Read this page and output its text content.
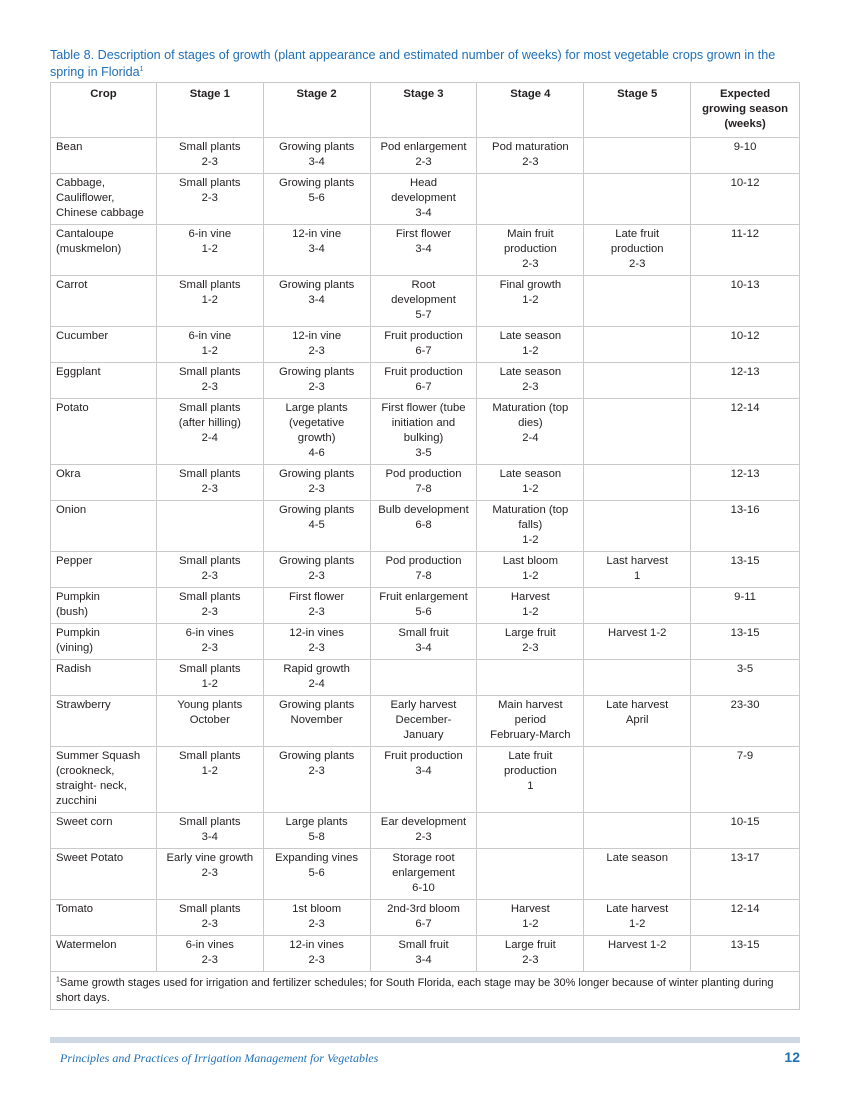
Table 8. Description of stages of growth (plant appearance and estimated number of weeks) for most vegetable crops grown in the spring in Florida$^1$
Crop	Stage 1	Stage 2	Stage 3	Stage 4	Stage 5	Expected
growing season
(weeks)
Bean	Small plants
2-3	Growing plants
3-4	Pod enlargement
2-3	Pod maturation
2-3		9-10
Cabbage,
Cauliflower,
Chinese cabbage	Small plants
2-3	Growing plants
5-6	Head
development
3-4			10-12
Cantaloupe
(muskmelon)	6-in vine
1-2	12-in vine
3-4	First flower
3-4	Main fruit
production
2-3	Late fruit
production
2-3	11-12
Carrot	Small plants
1-2	Growing plants
3-4	Root
development
5-7	Final growth
1-2		10-13
Cucumber	6-in vine
1-2	12-in vine
2-3	Fruit production
6-7	Late season
1-2		10-12
Eggplant	Small plants
2-3	Growing plants
2-3	Fruit production
6-7	Late season
2-3		12-13
Potato	Small plants
(after hilling)
2-4	Large plants
(vegetative
growth)
4-6	First flower (tube
initiation and
bulking)
3-5	Maturation (top
dies)
2-4		12-14
Okra	Small plants
2-3	Growing plants
2-3	Pod production
7-8	Late season
1-2		12-13
Onion		Growing plants
4-5	Bulb development
6-8	Maturation (top
falls)
1-2		13-16
Pepper	Small plants
2-3	Growing plants
2-3	Pod production
7-8	Last bloom
1-2	Last harvest
1	13-15
Pumpkin
(bush)	Small plants
2-3	First flower
2-3	Fruit enlargement
5-6	Harvest
1-2		9-11
Pumpkin
(vining)	6-in vines
2-3	12-in vines
2-3	Small fruit
3-4	Large fruit
2-3	Harvest 1-2	13-15
Radish	Small plants
1-2	Rapid growth
2-4				3-5
Strawberry	Young plants
October	Growing plants
November	Early harvest
December-
January	Main harvest
period
February-March	Late harvest
April	23-30
Summer Squash
(crookneck,
straight- neck,
zucchini	Small plants
1-2	Growing plants
2-3	Fruit production
3-4	Late fruit
production
1		7-9
Sweet corn	Small plants
3-4	Large plants
5-8	Ear development
2-3			10-15
Sweet Potato	Early vine growth
2-3	Expanding vines
5-6	Storage root
enlargement
6-10		Late season	13-17
Tomato	Small plants
2-3	1st bloom
2-3	2nd-3rd bloom
6-7	Harvest
1-2	Late harvest
1-2	12-14
Watermelon	6-in vines
2-3	12-in vines
2-3	Small fruit
3-4	Large fruit
2-3	Harvest 1-2	13-15
$^1$Same growth stages used for irrigation and fertilizer schedules; for South Florida, each stage may be 30% longer because of winter planting during short days.						
Principles and Practices of Irrigation Management for Vegetables	12
